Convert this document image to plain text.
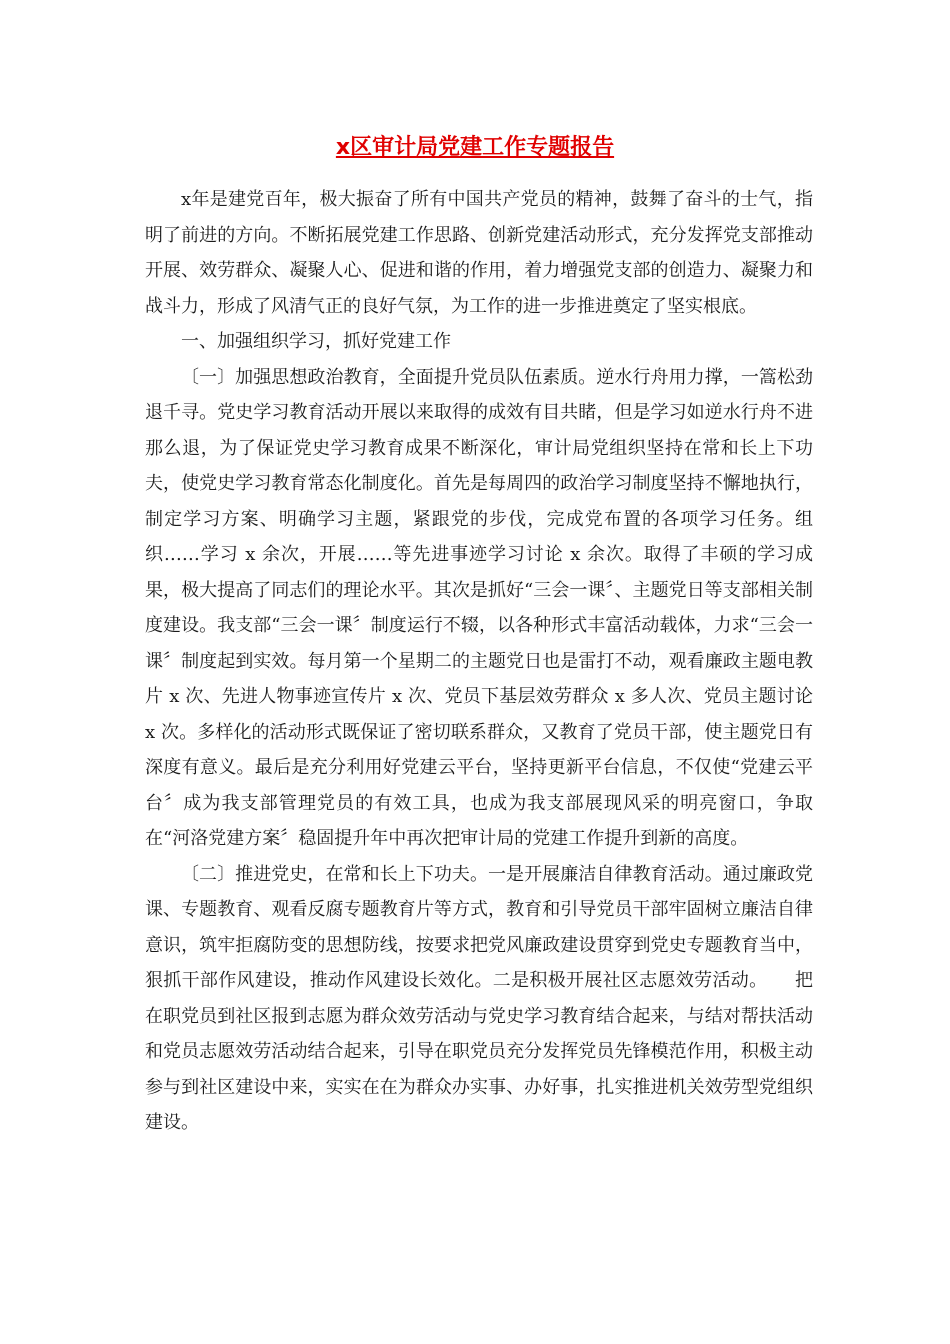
x区审计局党建工作专题报告

x年是建党百年，极大振奋了所有中国共产党员的精神，鼓舞了奋斗的士气，指明了前进的方向。不断拓展党建工作思路、创新党建活动形式，充分发挥党支部推动开展、效劳群众、凝聚人心、促进和谐的作用，着力增强党支部的创造力、凝聚力和战斗力，形成了风清气正的良好气氛，为工作的进一步推进奠定了坚实根底。

一、加强组织学习，抓好党建工作

〔一〕加强思想政治教育，全面提升党员队伍素质。逆水行舟用力撑，一篙松劲退千寻。党史学习教育活动开展以来取得的成效有目共睹，但是学习如逆水行舟不进那么退，为了保证党史学习教育成果不断深化，审计局党组织坚持在常和长上下功夫，使党史学习教育常态化制度化。首先是每周四的政治学习制度坚持不懈地执行，制定学习方案、明确学习主题，紧跟党的步伐，完成党布置的各项学习任务。组织……学习 x 余次，开展……等先进事迹学习讨论 x 余次。取得了丰硕的学习成果，极大提高了同志们的理论水平。其次是抓好“三会一课〞、主题党日等支部相关制度建设。我支部“三会一课〞制度运行不辍，以各种形式丰富活动载体，力求“三会一课〞制度起到实效。每月第一个星期二的主题党日也是雷打不动，观看廉政主题电教片 x 次、先进人物事迹宣传片 x 次、党员下基层效劳群众 x 多人次、党员主题讨论 x 次。多样化的活动形式既保证了密切联系群众，又教育了党员干部，使主题党日有深度有意义。最后是充分利用好党建云平台，坚持更新平台信息，不仅使“党建云平台〞成为我支部管理党员的有效工具，也成为我支部展现风采的明亮窗口，争取在“河洛党建方案〞稳固提升年中再次把审计局的党建工作提升到新的高度。

〔二〕推进党史，在常和长上下功夫。一是开展廉洁自律教育活动。通过廉政党课、专题教育、观看反腐专题教育片等方式，教育和引导党员干部牢固树立廉洁自律意识，筑牢拒腐防变的思想防线，按要求把党风廉政建设贯穿到党史专题教育当中，狠抓干部作风建设，推动作风建设长效化。二是积极开展社区志愿效劳活动。　　把在职党员到社区报到志愿为群众效劳活动与党史学习教育结合起来，与结对帮扶活动和党员志愿效劳活动结合起来，引导在职党员充分发挥党员先锋模范作用，积极主动参与到社区建设中来，实实在在为群众办实事、办好事，扎实推进机关效劳型党组织建设。
